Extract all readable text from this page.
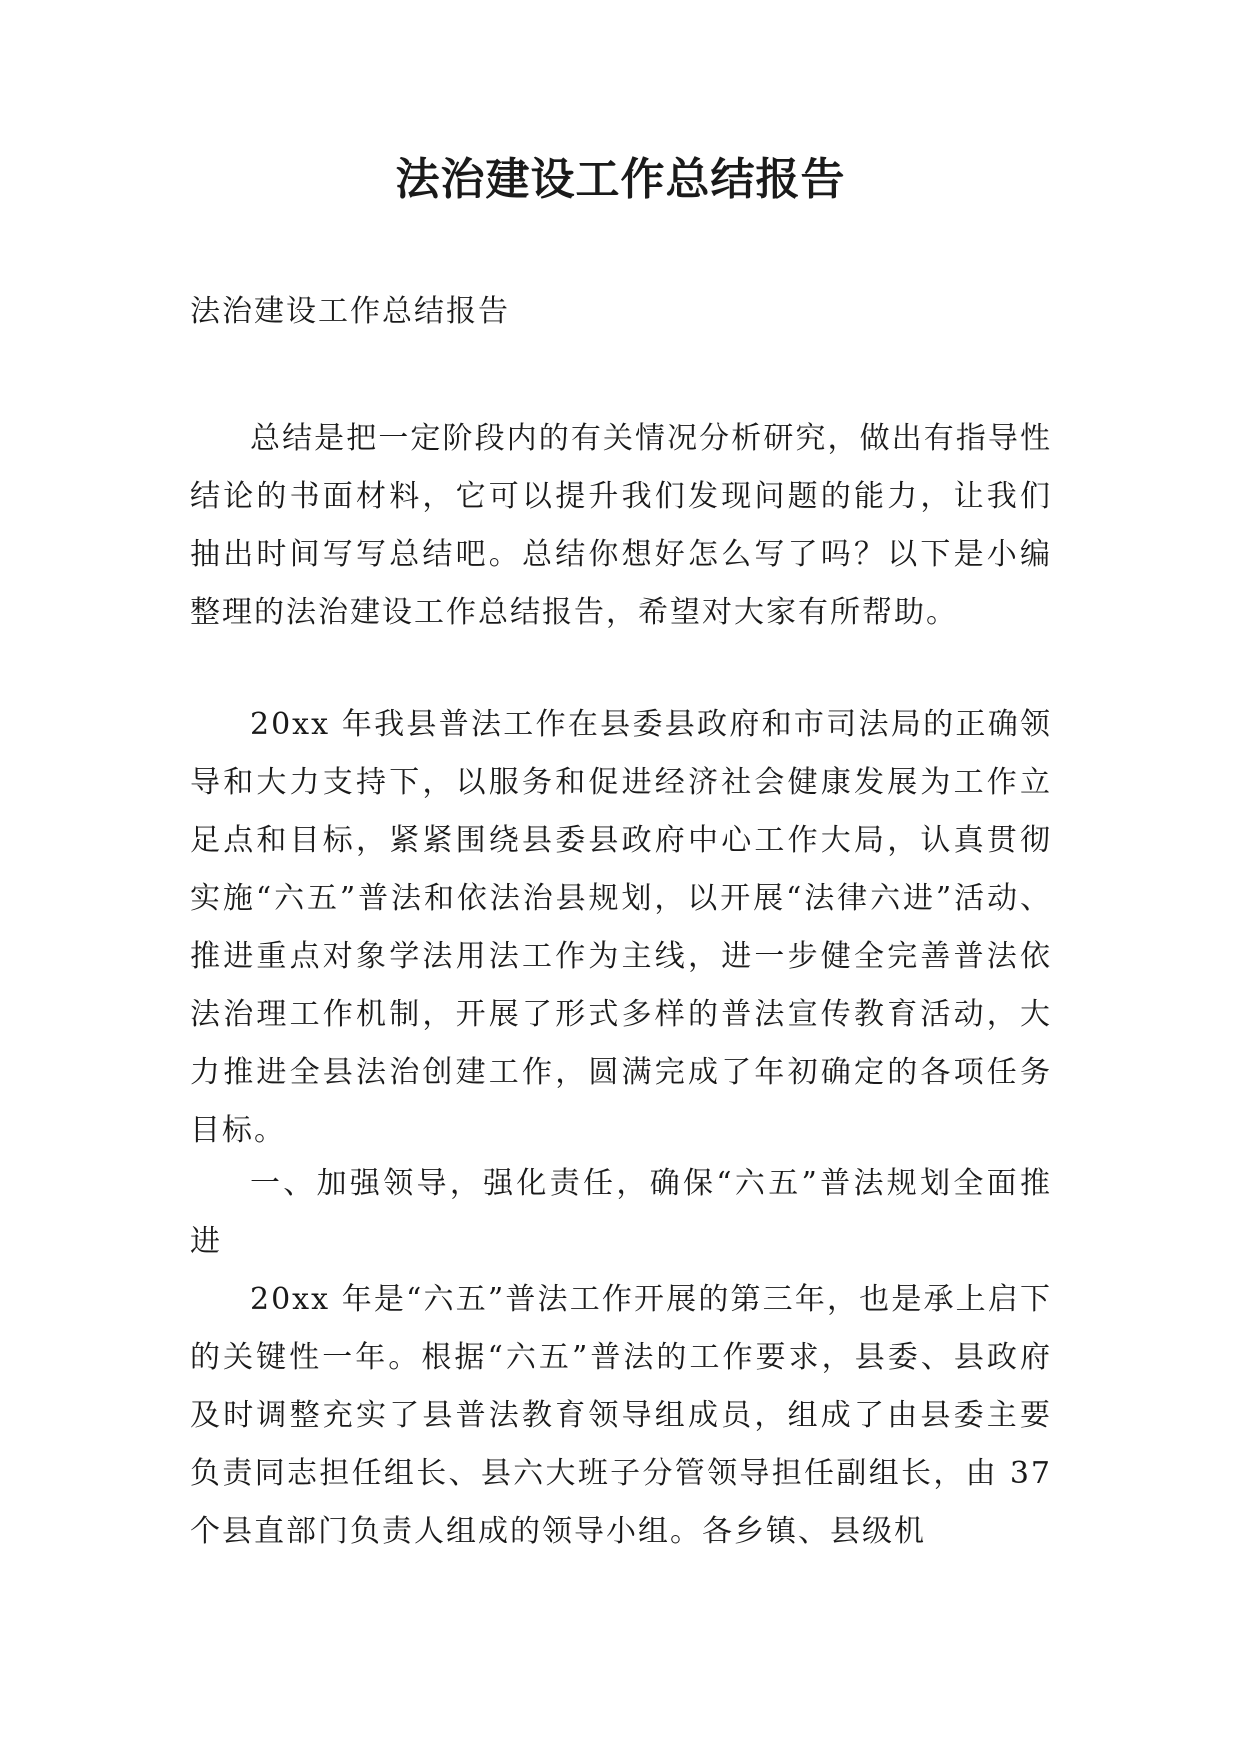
法治建设工作总结报告

法治建设工作总结报告

总结是把一定阶段内的有关情况分析研究，做出有指导性结论的书面材料，它可以提升我们发现问题的能力，让我们抽出时间写写总结吧。总结你想好怎么写了吗？以下是小编整理的法治建设工作总结报告，希望对大家有所帮助。

20xx 年我县普法工作在县委县政府和市司法局的正确领导和大力支持下，以服务和促进经济社会健康发展为工作立足点和目标，紧紧围绕县委县政府中心工作大局，认真贯彻实施“六五”普法和依法治县规划，以开展“法律六进”活动、推进重点对象学法用法工作为主线，进一步健全完善普法依法治理工作机制，开展了形式多样的普法宣传教育活动，大力推进全县法治创建工作，圆满完成了年初确定的各项任务目标。

一、加强领导，强化责任，确保“六五”普法规划全面推进

20xx 年是“六五”普法工作开展的第三年，也是承上启下的关键性一年。根据“六五”普法的工作要求，县委、县政府及时调整充实了县普法教育领导组成员，组成了由县委主要负责同志担任组长、县六大班子分管领导担任副组长，由 37 个县直部门负责人组成的领导小组。各乡镇、县级机
